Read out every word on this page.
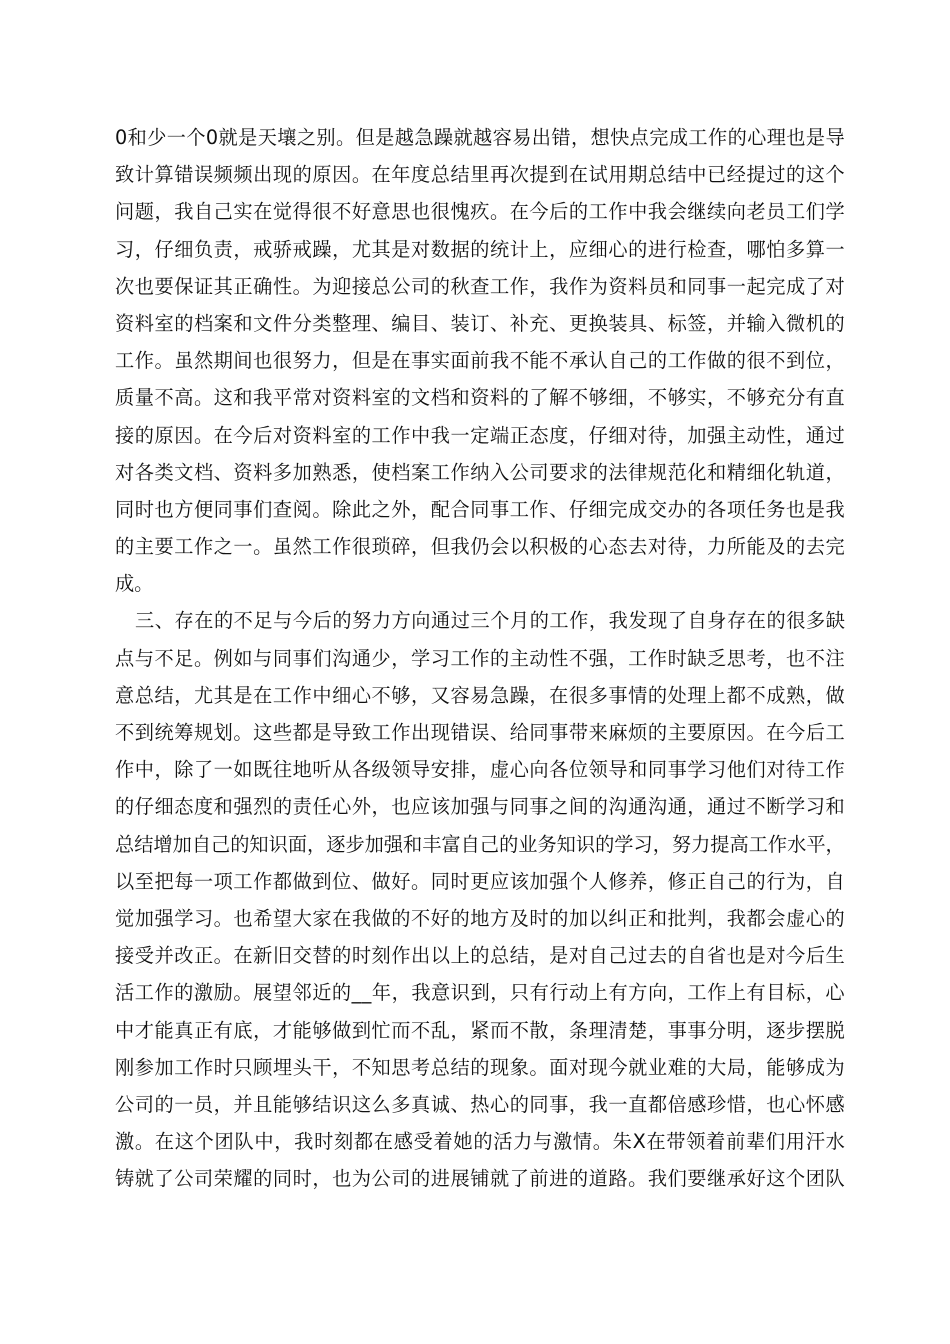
0 和 少 一 个 0 就 是 天 壤 之 别 。 但 是 越 急 躁 就 越 容 易 出 错 ， 想 快 点 完 成 工 作 的 心 理 也 是 导
致 计 算 错 误 频 频 出 现 的 原 因 。 在 年 度 总 结 里 再 次 提 到 在 试 用 期 总 结 中 已 经 提 过 的 这 个
问 题 ， 我 自 己 实 在 觉 得 很 不 好 意 思 也 很 愧 疚 。 在 今 后 的 工 作 中 我 会 继 续 向 老 员 工 们 学
习 ， 仔 细 负 责 ， 戒 骄 戒 躁 ， 尤 其 是 对 数 据 的 统 计 上 ， 应 细 心 的 进 行 检 查 ， 哪 怕 多 算 一
次 也 要 保 证 其 正 确 性 。 为 迎 接 总 公 司 的 秋 查 工 作 ， 我 作 为 资 料 员 和 同 事 一 起 完 成 了 对
资 料 室 的 档 案 和 文 件 分 类 整 理 、 编 目 、 装 订 、 补 充 、 更 换 装 具 、 标 签 ， 并 输 入 微 机 的
工 作 。 虽 然 期 间 也 很 努 力 ， 但 是 在 事 实 面 前 我 不 能 不 承 认 自 己 的 工 作 做 的 很 不 到 位 ，
质 量 不 高 。 这 和 我 平 常 对 资 料 室 的 文 档 和 资 料 的 了 解 不 够 细 ， 不 够 实 ， 不 够 充 分 有 直
接 的 原 因 。 在 今 后 对 资 料 室 的 工 作 中 我 一 定 端 正 态 度 ， 仔 细 对 待 ， 加 强 主 动 性 ， 通 过
对 各 类 文 档 、 资 料 多 加 熟 悉 ， 使 档 案 工 作 纳 入 公 司 要 求 的 法 律 规 范 化 和 精 细 化 轨 道 ，
同 时 也 方 便 同 事 们 查 阅 。 除 此 之 外 ， 配 合 同 事 工 作 、 仔 细 完 成 交 办 的 各 项 任 务 也 是 我
的 主 要 工 作 之 一 。 虽 然 工 作 很 琐 碎 ， 但 我 仍 会 以 积 极 的 心 态 去 对 待 ， 力 所 能 及 的 去 完
成。
三 、 存 在 的 不 足 与 今 后 的 努 力 方 向 通 过 三 个 月 的 工 作 ， 我 发 现 了 自 身 存 在 的 很 多 缺
点 与 不 足 。 例 如 与 同 事 们 沟 通 少 ， 学 习 工 作 的 主 动 性 不 强 ， 工 作 时 缺 乏 思 考 ， 也 不 注
意 总 结 ， 尤 其 是 在 工 作 中 细 心 不 够 ， 又 容 易 急 躁 ， 在 很 多 事 情 的 处 理 上 都 不 成 熟 ， 做
不 到 统 筹 规 划 。 这 些 都 是 导 致 工 作 出 现 错 误 、 给 同 事 带 来 麻 烦 的 主 要 原 因 。 在 今 后 工
作 中 ， 除 了 一 如 既 往 地 听 从 各 级 领 导 安 排 ， 虚 心 向 各 位 领 导 和 同 事 学 习 他 们 对 待 工 作
的 仔 细 态 度 和 强 烈 的 责 任 心 外 ， 也 应 该 加 强 与 同 事 之 间 的 沟 通 沟 通 ， 通 过 不 断 学 习 和
总 结 增 加 自 己 的 知 识 面 ， 逐 步 加 强 和 丰 富 自 己 的 业 务 知 识 的 学 习 ， 努 力 提 高 工 作 水 平 ，
以 至 把 每 一 项 工 作 都 做 到 位 、 做 好 。 同 时 更 应 该 加 强 个 人 修 养 ， 修 正 自 己 的 行 为 ， 自
觉 加 强 学 习 。 也 希 望 大 家 在 我 做 的 不 好 的 地 方 及 时 的 加 以 纠 正 和 批 判 ， 我 都 会 虚 心 的
接 受 并 改 正 。 在 新 旧 交 替 的 时 刻 作 出 以 上 的 总 结 ， 是 对 自 己 过 去 的 自 省 也 是 对 今 后 生
活 工 作 的 激 励 。 展 望 邻 近 的 _ _ 年 ， 我 意 识 到 ， 只 有 行 动 上 有 方 向 ， 工 作 上 有 目 标 ， 心
中 才 能 真 正 有 底 ， 才 能 够 做 到 忙 而 不 乱 ， 紧 而 不 散 ， 条 理 清 楚 ， 事 事 分 明 ， 逐 步 摆 脱
刚 参 加 工 作 时 只 顾 埋 头 干 ， 不 知 思 考 总 结 的 现 象 。 面 对 现 今 就 业 难 的 大 局 ， 能 够 成 为
公 司 的 一 员 ， 并 且 能 够 结 识 这 么 多 真 诚 、 热 心 的 同 事 ， 我 一 直 都 倍 感 珍 惜 ， 也 心 怀 感
激 。 在 这 个 团 队 中 ， 我 时 刻 都 在 感 受 着 她 的 活 力 与 激 情 。 朱 X 在 带 领 着 前 辈 们 用 汗 水
铸 就 了 公 司 荣 耀 的 同 时 ， 也 为 公 司 的 进 展 铺 就 了 前 进 的 道 路 。 我 们 要 继 承 好 这 个 团 队
